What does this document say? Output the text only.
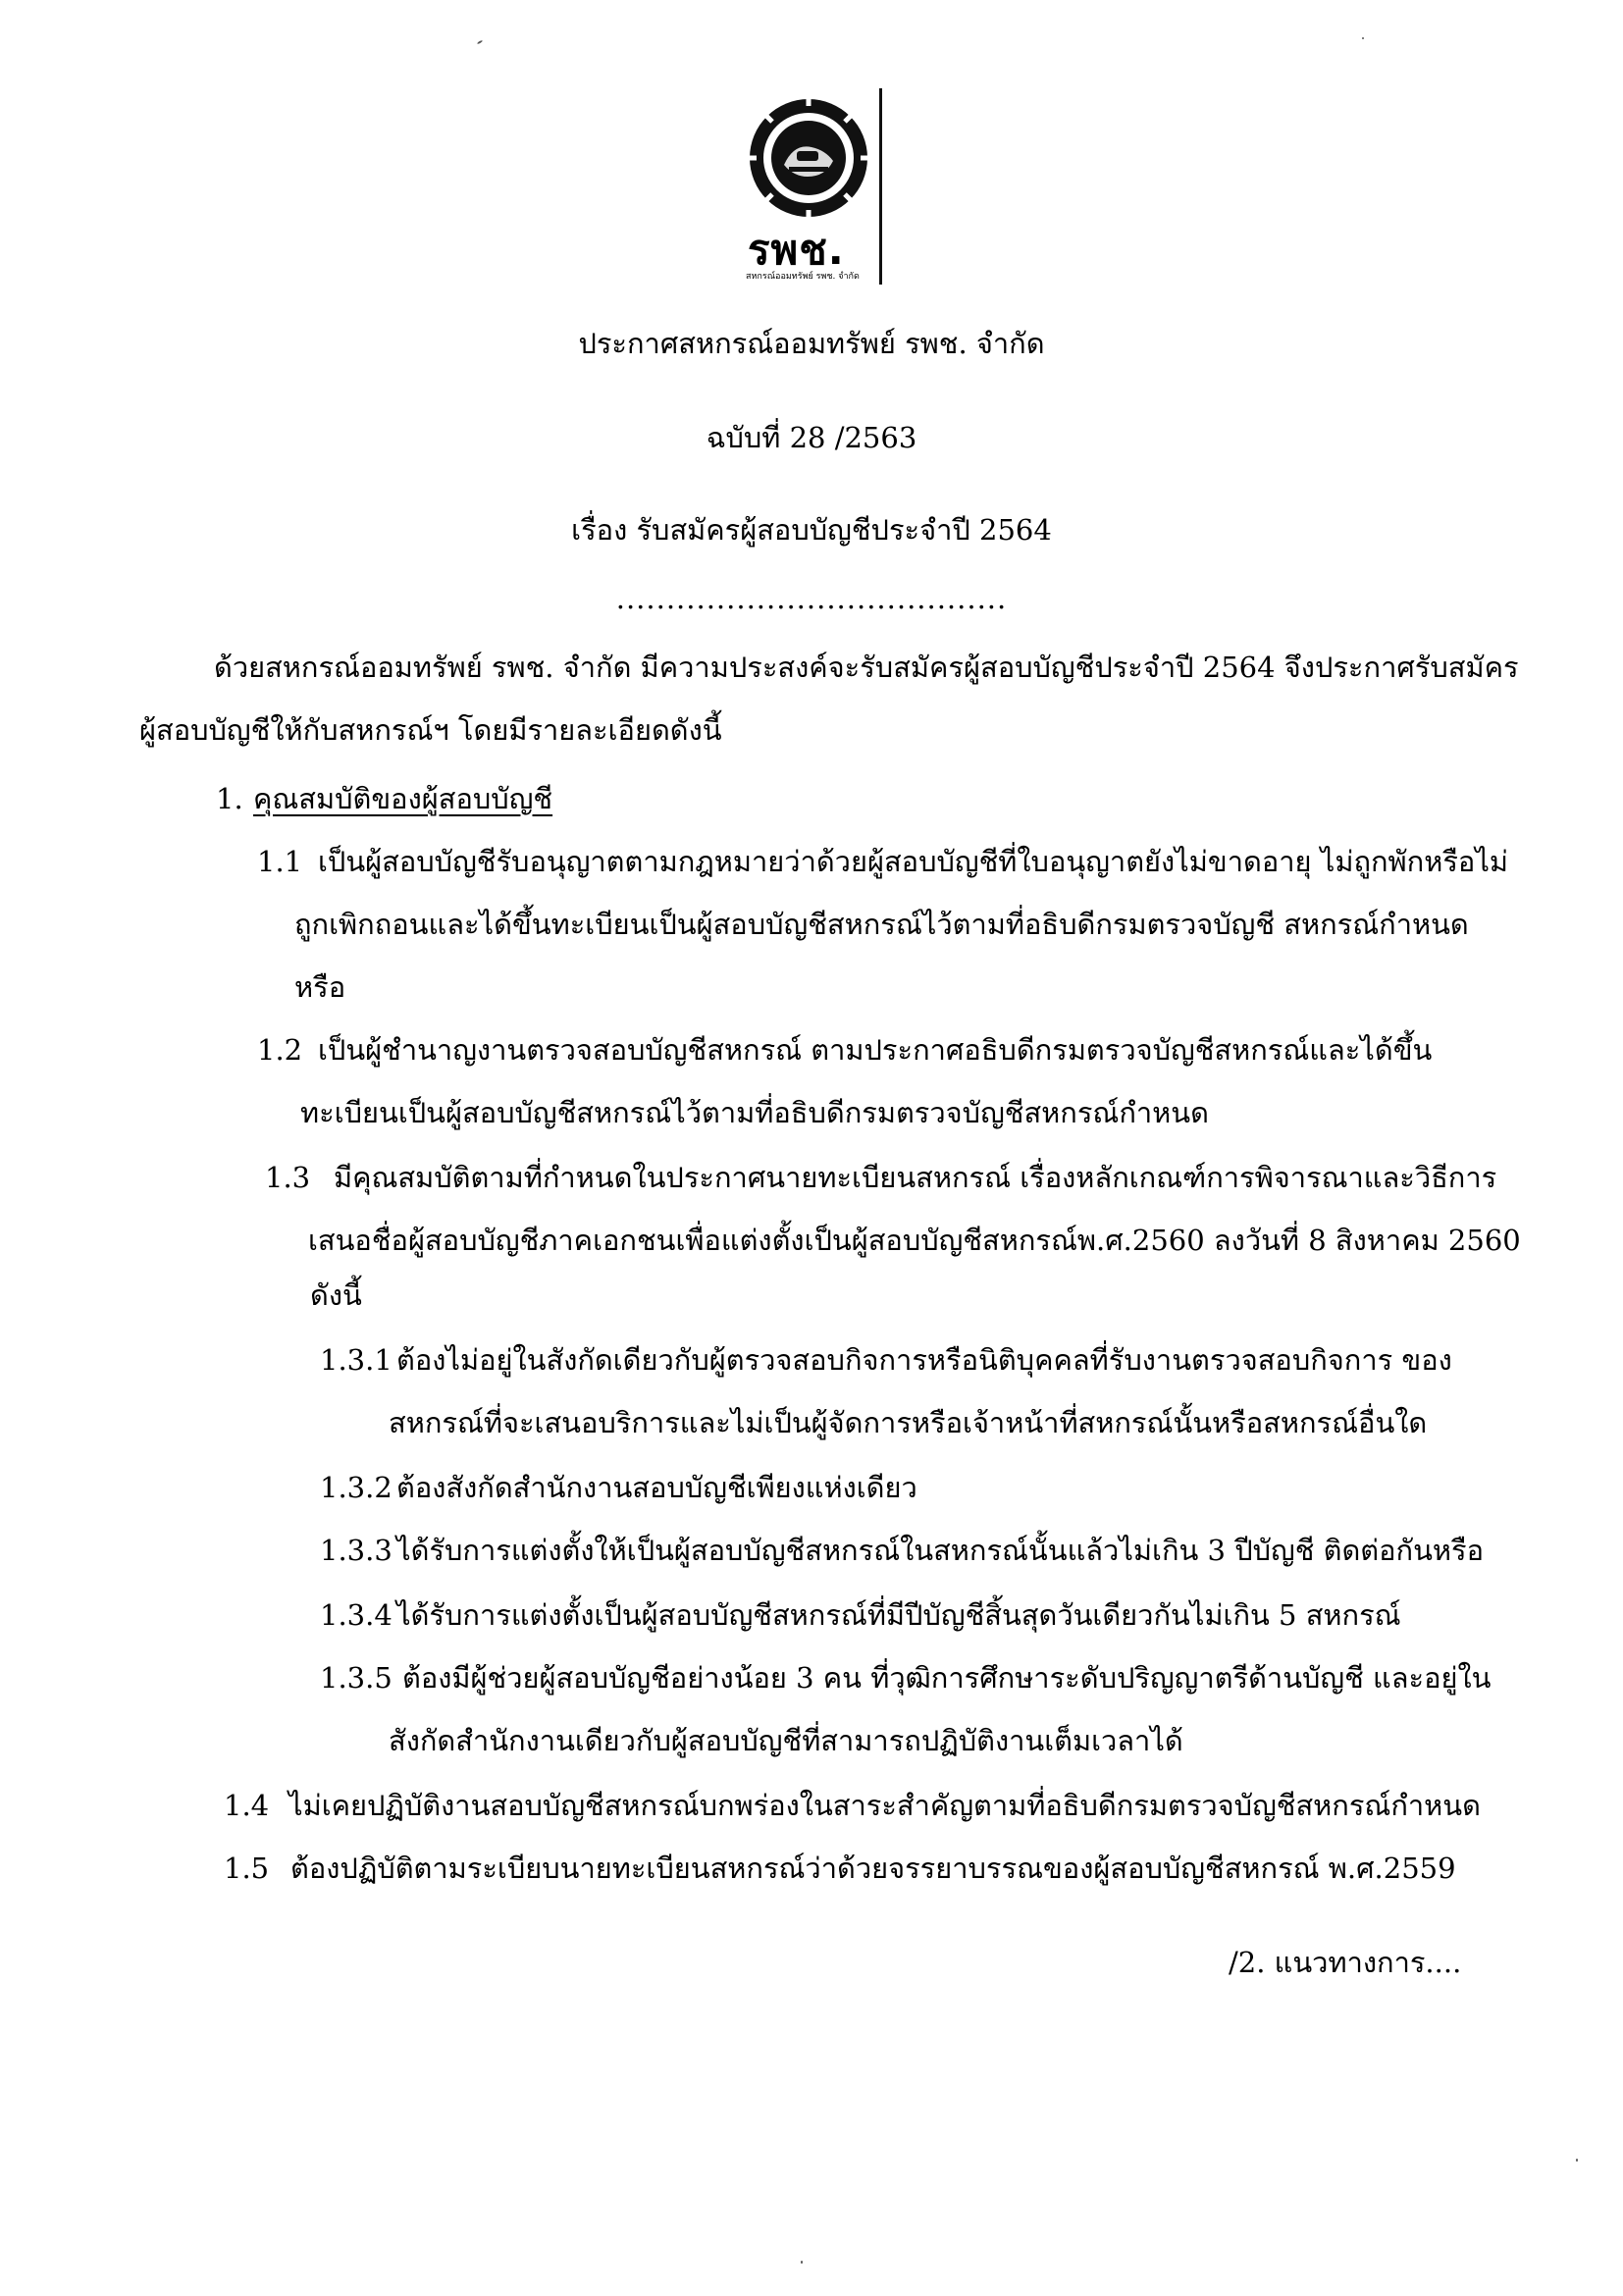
รพช.
สหกรณ์ออมทรัพย์ รพช. จำกัด
ประกาศสหกรณ์ออมทรัพย์ รพช. จำกัด
ฉบับที่ 28 /2563
เรื่อง รับสมัครผู้สอบบัญชีประจำปี 2564
.......................................
ด้วยสหกรณ์ออมทรัพย์ รพช. จำกัด มีความประสงค์จะรับสมัครผู้สอบบัญชีประจำปี 2564 จึงประกาศรับสมัคร
ผู้สอบบัญชีให้กับสหกรณ์ฯ โดยมีรายละเอียดดังนี้
1. คุณสมบัติของผู้สอบบัญชี
1.1 เป็นผู้สอบบัญชีรับอนุญาตตามกฎหมายว่าด้วยผู้สอบบัญชีที่ใบอนุญาตยังไม่ขาดอายุ ไม่ถูกพักหรือไม่
ถูกเพิกถอนและได้ขึ้นทะเบียนเป็นผู้สอบบัญชีสหกรณ์ไว้ตามที่อธิบดีกรมตรวจบัญชี สหกรณ์กำหนด
หรือ
1.2 เป็นผู้ชำนาญงานตรวจสอบบัญชีสหกรณ์ ตามประกาศอธิบดีกรมตรวจบัญชีสหกรณ์และได้ขึ้น
ทะเบียนเป็นผู้สอบบัญชีสหกรณ์ไว้ตามที่อธิบดีกรมตรวจบัญชีสหกรณ์กำหนด
1.3 มีคุณสมบัติตามที่กำหนดในประกาศนายทะเบียนสหกรณ์ เรื่องหลักเกณฑ์การพิจารณาและวิธีการ
เสนอชื่อผู้สอบบัญชีภาคเอกชนเพื่อแต่งตั้งเป็นผู้สอบบัญชีสหกรณ์พ.ศ.2560 ลงวันที่ 8 สิงหาคม 2560
ดังนี้
1.3.1 ต้องไม่อยู่ในสังกัดเดียวกับผู้ตรวจสอบกิจการหรือนิติบุคคลที่รับงานตรวจสอบกิจการ ของ
สหกรณ์ที่จะเสนอบริการและไม่เป็นผู้จัดการหรือเจ้าหน้าที่สหกรณ์นั้นหรือสหกรณ์อื่นใด
1.3.2 ต้องสังกัดสำนักงานสอบบัญชีเพียงแห่งเดียว
1.3.3 ได้รับการแต่งตั้งให้เป็นผู้สอบบัญชีสหกรณ์ในสหกรณ์นั้นแล้วไม่เกิน 3 ปีบัญชี ติดต่อกันหรือ
1.3.4 ได้รับการแต่งตั้งเป็นผู้สอบบัญชีสหกรณ์ที่มีปีบัญชีสิ้นสุดวันเดียวกันไม่เกิน 5 สหกรณ์
1.3.5 ต้องมีผู้ช่วยผู้สอบบัญชีอย่างน้อย 3 คน ที่วุฒิการศึกษาระดับปริญญาตรีด้านบัญชี และอยู่ใน
สังกัดสำนักงานเดียวกับผู้สอบบัญชีที่สามารถปฏิบัติงานเต็มเวลาได้
1.4 ไม่เคยปฏิบัติงานสอบบัญชีสหกรณ์บกพร่องในสาระสำคัญตามที่อธิบดีกรมตรวจบัญชีสหกรณ์กำหนด
1.5 ต้องปฏิบัติตามระเบียบนายทะเบียนสหกรณ์ว่าด้วยจรรยาบรรณของผู้สอบบัญชีสหกรณ์ พ.ศ.2559
/2. แนวทางการ....
